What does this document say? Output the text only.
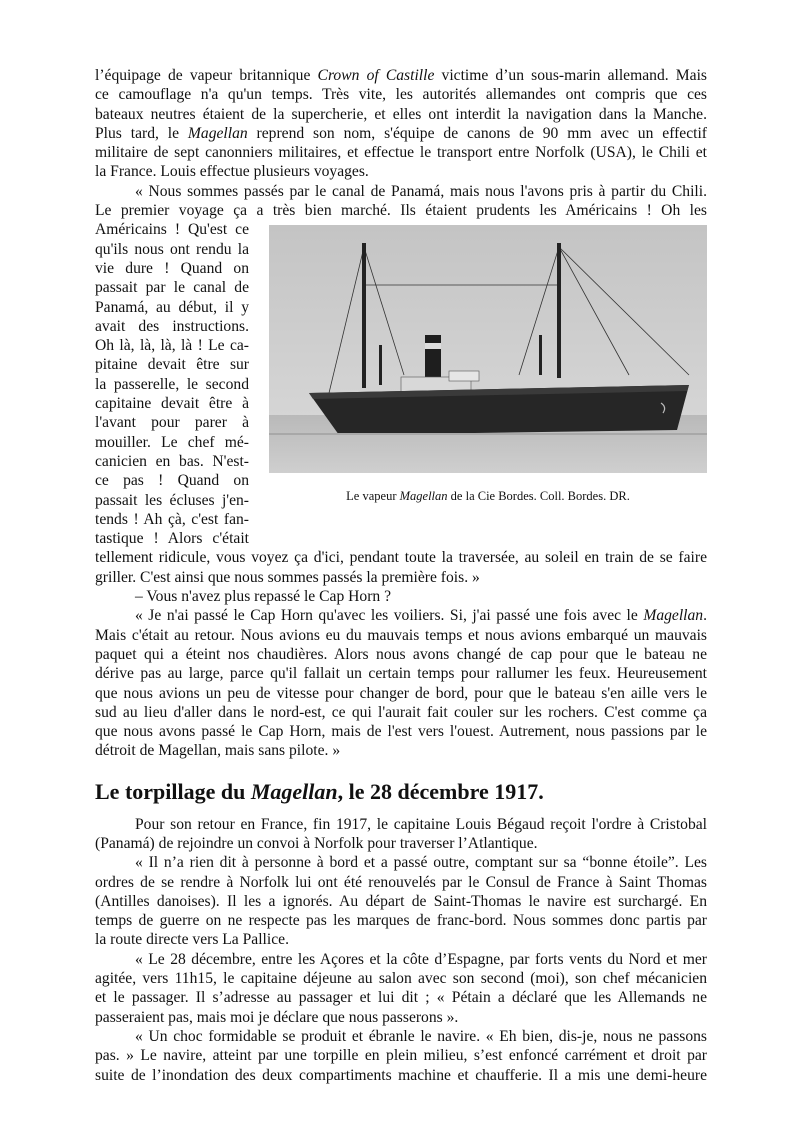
l’équipage de vapeur britannique Crown of Castille victime d’un sous-marin allemand. Mais
ce camouflage n'a qu'un temps. Très vite, les autorités allemandes ont compris que ces
bateaux neutres étaient de la supercherie, et elles ont interdit la navigation dans la Manche.
Plus tard, le Magellan reprend son nom, s'équipe de canons de 90 mm avec un effectif
militaire de sept canonniers militaires, et effectue le transport entre Norfolk (USA), le Chili et
la France. Louis effectue plusieurs voyages.

« Nous sommes passés par le canal de Panamá, mais nous l'avons pris à partir du Chili.
Le premier voyage ça a très bien marché. Ils étaient prudents les Américains ! Oh les

Américains ! Qu'est ce
qu'ils nous ont rendu la
vie dure ! Quand on
passait par le canal de
Panamá, au début, il y
avait des instructions.
Oh là, là, là, là ! Le ca-
pitaine devait être sur
la passerelle, le second
capitaine devait être à
l'avant pour parer à
mouiller. Le chef mé-
canicien en bas. N'est-
ce pas ! Quand on
passait les écluses j'en-
tends ! Ah çà, c'est fan-
tastique ! Alors c'était
Le vapeur Magellan de la Cie Bordes. Coll. Bordes. DR.

tellement ridicule, vous voyez ça d'ici, pendant toute la traversée, au soleil en train de se faire
griller. C'est ainsi que nous sommes passés la première fois. »

– Vous n'avez plus repassé le Cap Horn ?

« Je n'ai passé le Cap Horn qu'avec les voiliers. Si, j'ai passé une fois avec le Magellan.
Mais c'était au retour. Nous avions eu du mauvais temps et nous avions embarqué un mauvais
paquet qui a éteint nos chaudières. Alors nous avons changé de cap pour que le bateau ne
dérive pas au large, parce qu'il fallait un certain temps pour rallumer les feux. Heureusement
que nous avions un peu de vitesse pour changer de bord, pour que le bateau s'en aille vers le
sud au lieu d'aller dans le nord-est, ce qui l'aurait fait couler sur les rochers. C'est comme ça
que nous avons passé le Cap Horn, mais de l'est vers l'ouest. Autrement, nous passions par le
détroit de Magellan, mais sans pilote. »

Le torpillage du Magellan, le 28 décembre 1917.

Pour son retour en France, fin 1917, le capitaine Louis Bégaud reçoit l'ordre à Cristobal
(Panamá) de rejoindre un convoi à Norfolk pour traverser l’Atlantique.

« Il n’a rien dit à personne à bord et a passé outre, comptant sur sa “bonne étoile”. Les
ordres de se rendre à Norfolk lui ont été renouvelés par le Consul de France à Saint Thomas
(Antilles danoises). Il les a ignorés. Au départ de Saint-Thomas le navire est surchargé. En
temps de guerre on ne respecte pas les marques de franc-bord. Nous sommes donc partis par
la route directe vers La Pallice.

« Le 28 décembre, entre les Açores et la côte d’Espagne, par forts vents du Nord et mer
agitée, vers 11h15, le capitaine déjeune au salon avec son second (moi), son chef mécanicien
et le passager. Il s’adresse au passager et lui dit ; « Pétain a déclaré que les Allemands ne
passeraient pas, mais moi je déclare que nous passerons ».

« Un choc formidable se produit et ébranle le navire. « Eh bien, dis-je, nous ne passons
pas. » Le navire, atteint par une torpille en plein milieu, s’est enfoncé carrément et droit par
suite de l’inondation des deux compartiments machine et chaufferie. Il a mis une demi-heure
